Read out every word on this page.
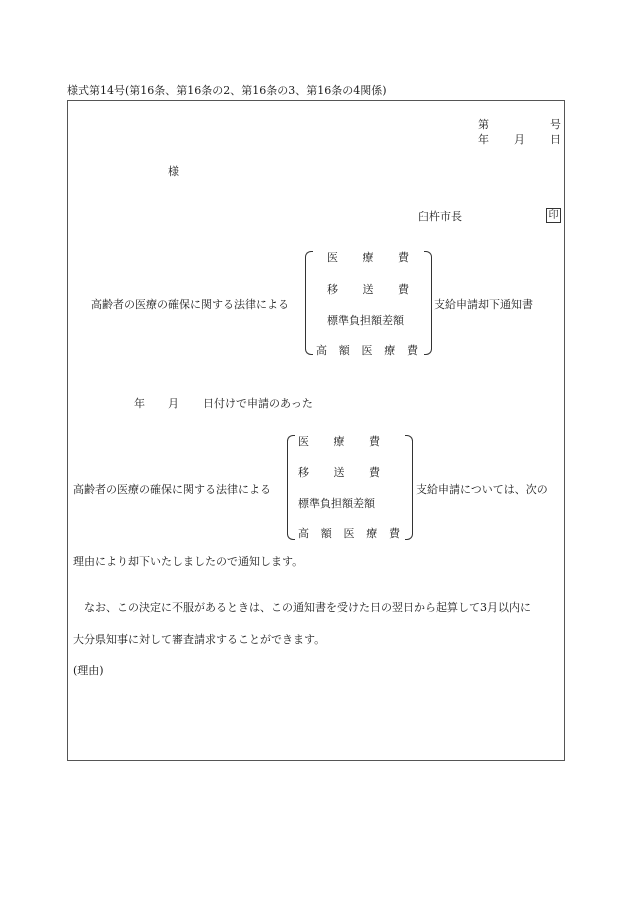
様式第14号(第16条、第16条の2、第16条の3、第16条の4関係)
第	号
年 月 日
様
臼杵市長	印
高齢者の医療の確保に関する法律による
医 療 費
移 送 費
標準負担額差額
高 額 医 療 費
支給申請却下通知書
年 月 日付けで申請のあった
高齢者の医療の確保に関する法律による
医 療 費
移 送 費
標準負担額差額
高 額 医 療 費
支給申請については、次の
理由により却下いたしましたので通知します。
なお、この決定に不服があるときは、この通知書を受けた日の翌日から起算して3月以内に
大分県知事に対して審査請求することができます。
(理由)
